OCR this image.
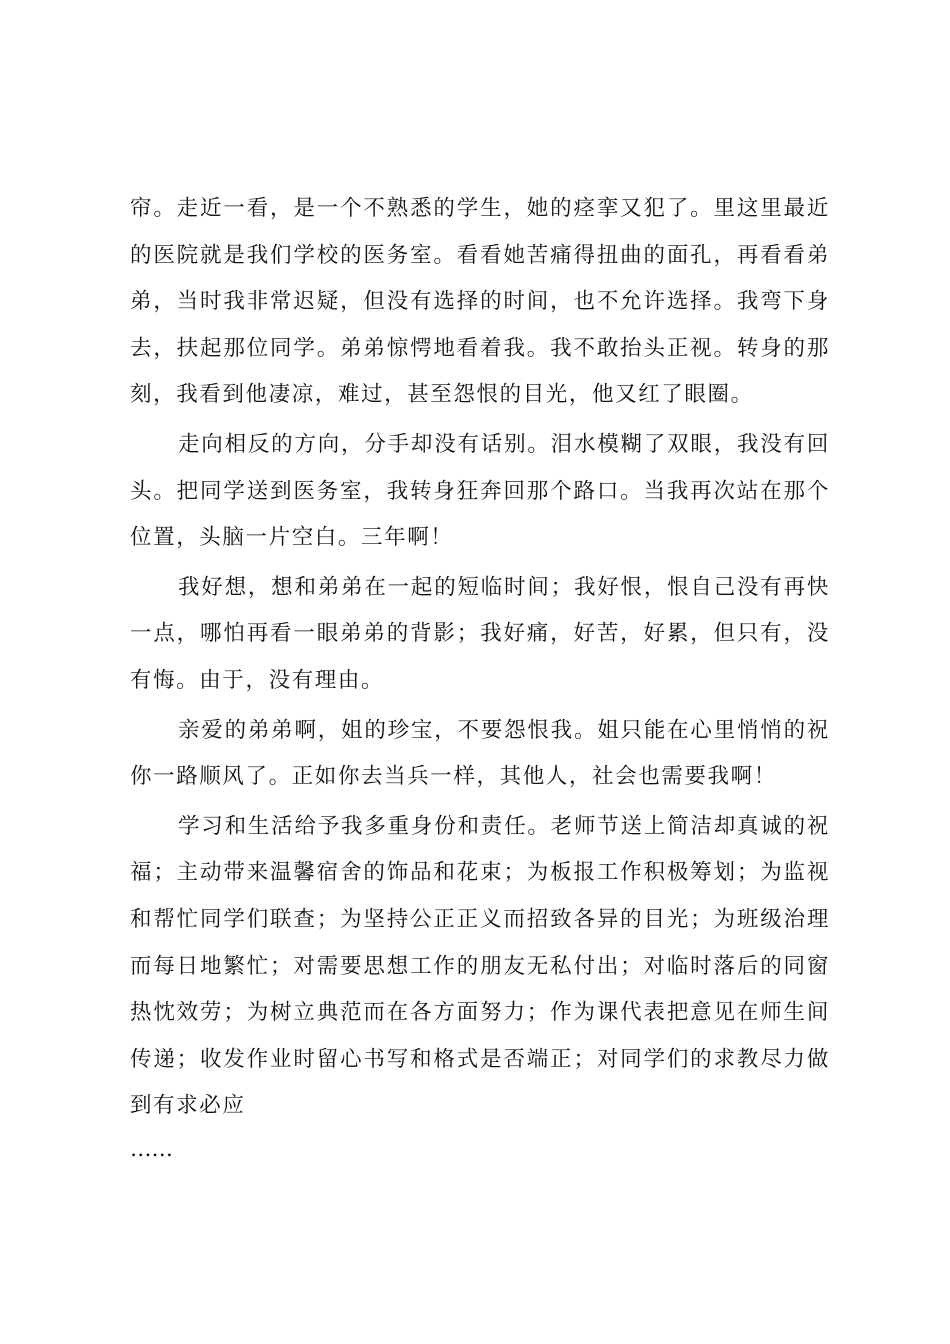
帘。走近一看，是一个不熟悉的学生，她的痉挛又犯了。里这里最近的医院就是我们学校的医务室。看看她苦痛得扭曲的面孔，再看看弟弟，当时我非常迟疑，但没有选择的时间，也不允许选择。我弯下身去，扶起那位同学。弟弟惊愕地看着我。我不敢抬头正视。转身的那刻，我看到他凄凉，难过，甚至怨恨的目光，他又红了眼圈。

走向相反的方向，分手却没有话别。泪水模糊了双眼，我没有回头。把同学送到医务室，我转身狂奔回那个路口。当我再次站在那个位置，头脑一片空白。三年啊！

我好想，想和弟弟在一起的短临时间；我好恨，恨自己没有再快一点，哪怕再看一眼弟弟的背影；我好痛，好苦，好累，但只有，没有悔。由于，没有理由。

亲爱的弟弟啊，姐的珍宝，不要怨恨我。姐只能在心里悄悄的祝你一路顺风了。正如你去当兵一样，其他人，社会也需要我啊！

学习和生活给予我多重身份和责任。老师节送上简洁却真诚的祝福；主动带来温馨宿舍的饰品和花束；为板报工作积极筹划；为监视和帮忙同学们联查；为坚持公正正义而招致各异的目光；为班级治理而每日地繁忙；对需要思想工作的朋友无私付出；对临时落后的同窗热忱效劳；为树立典范而在各方面努力；作为课代表把意见在师生间传递；收发作业时留心书写和格式是否端正；对同学们的求教尽力做到有求必应

……
